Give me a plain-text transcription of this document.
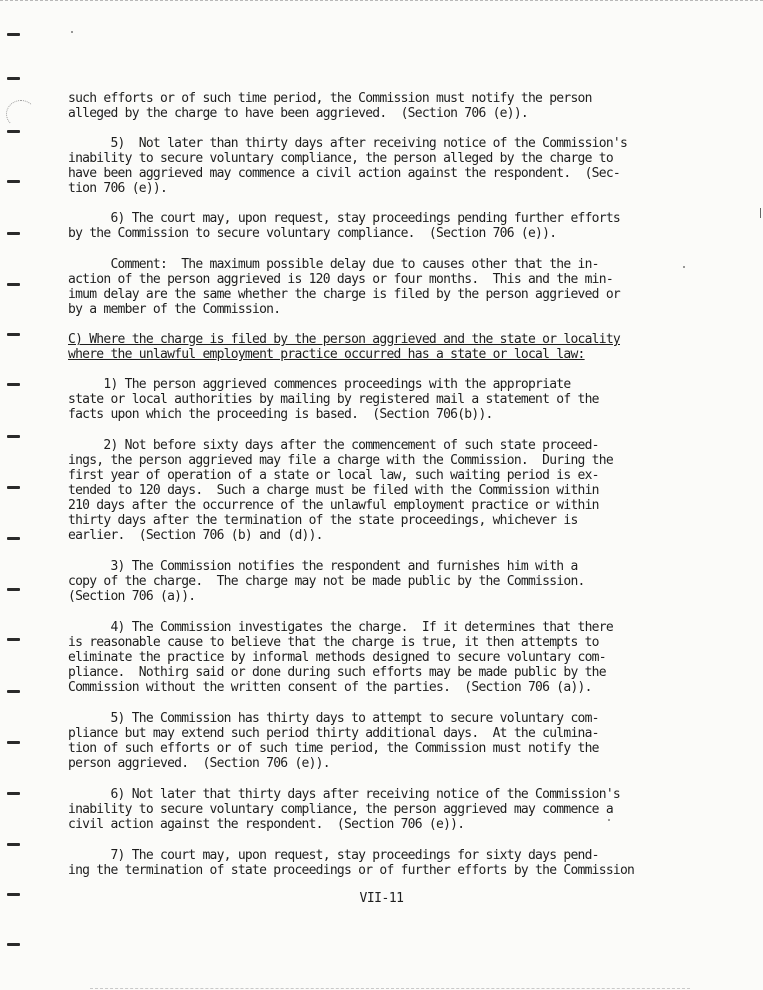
such efforts or of such time period, the Commission must notify the person
alleged by the charge to have been aggrieved.  (Section 706 (e)).
5)  Not later than thirty days after receiving notice of the Commission's
inability to secure voluntary compliance, the person alleged by the charge to
have been aggrieved may commence a civil action against the respondent.  (Sec-
tion 706 (e)).
6) The court may, upon request, stay proceedings pending further efforts
by the Commission to secure voluntary compliance.  (Section 706 (e)).
Comment:  The maximum possible delay due to causes other that the in-
action of the person aggrieved is 120 days or four months.  This and the min-
imum delay are the same whether the charge is filed by the person aggrieved or
by a member of the Commission.
C) Where the charge is filed by the person aggrieved and the state or locality
where the unlawful employment practice occurred has a state or local law:
1) The person aggrieved commences proceedings with the appropriate
state or local authorities by mailing by registered mail a statement of the
facts upon which the proceeding is based.  (Section 706(b)).
2) Not before sixty days after the commencement of such state proceed-
ings, the person aggrieved may file a charge with the Commission.  During the
first year of operation of a state or local law, such waiting period is ex-
tended to 120 days.  Such a charge must be filed with the Commission within
210 days after the occurrence of the unlawful employment practice or within
thirty days after the termination of the state proceedings, whichever is
earlier.  (Section 706 (b) and (d)).
3) The Commission notifies the respondent and furnishes him with a
copy of the charge.  The charge may not be made public by the Commission.
(Section 706 (a)).
4) The Commission investigates the charge.  If it determines that there
is reasonable cause to believe that the charge is true, it then attempts to
eliminate the practice by informal methods designed to secure voluntary com-
pliance.  Nothirg said or done during such efforts may be made public by the
Commission without the written consent of the parties.  (Section 706 (a)).
5) The Commission has thirty days to attempt to secure voluntary com-
pliance but may extend such period thirty additional days.  At the culmina-
tion of such efforts or of such time period, the Commission must notify the
person aggrieved.  (Section 706 (e)).
6) Not later that thirty days after receiving notice of the Commission's
inability to secure voluntary compliance, the person aggrieved may commence a
civil action against the respondent.  (Section 706 (e)).
7) The court may, upon request, stay proceedings for sixty days pend-
ing the termination of state proceedings or of further efforts by the Commission
VII-11
